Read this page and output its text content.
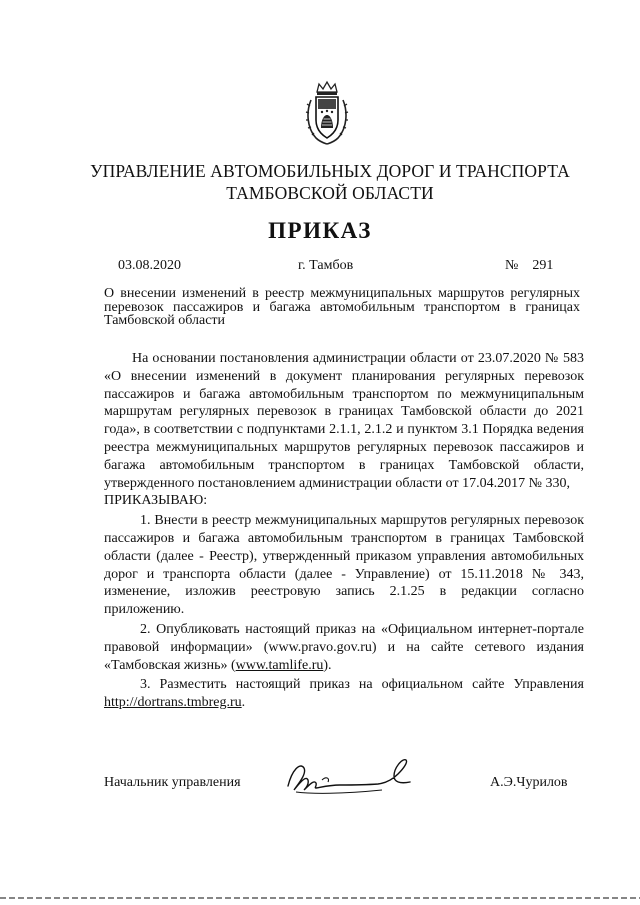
УПРАВЛЕНИЕ АВТОМОБИЛЬНЫХ ДОРОГ И ТРАНСПОРТА
ТАМБОВСКОЙ ОБЛАСТИ
ПРИКАЗ
03.08.2020	г. Тамбов	№ 291
О внесении изменений в реестр межмуниципальных маршрутов регулярных перевозок пассажиров и багажа автомобильным транспортом в границах Тамбовской области

На основании постановления администрации области от 23.07.2020 № 583 «О внесении изменений в документ планирования регулярных перевозок пассажиров и багажа автомобильным транспортом по межмуниципальным маршрутам регулярных перевозок в границах Тамбовской области до 2021 года», в соответствии с подпунктами 2.1.1, 2.1.2 и пунктом 3.1 Порядка ведения реестра межмуниципальных маршрутов регулярных перевозок пассажиров и багажа автомобильным транспортом в границах Тамбовской области, утвержденного постановлением администрации области от 17.04.2017 № 330,

ПРИКАЗЫВАЮ:

1. Внести в реестр межмуниципальных маршрутов регулярных перевозок пассажиров и багажа автомобильным транспортом в границах Тамбовской области (далее - Реестр), утвержденный приказом управления автомобильных дорог и транспорта области (далее - Управление) от 15.11.2018 № 343, изменение, изложив реестровую запись 2.1.25 в редакции согласно приложению.

2. Опубликовать настоящий приказ на «Официальном интернет-портале правовой информации» (www.pravo.gov.ru) и на сайте сетевого издания «Тамбовская жизнь» (www.tamlife.ru).

3. Разместить настоящий приказ на официальном сайте Управления http://dortrans.tmbreg.ru.

Начальник управления	А.Э.Чурилов
